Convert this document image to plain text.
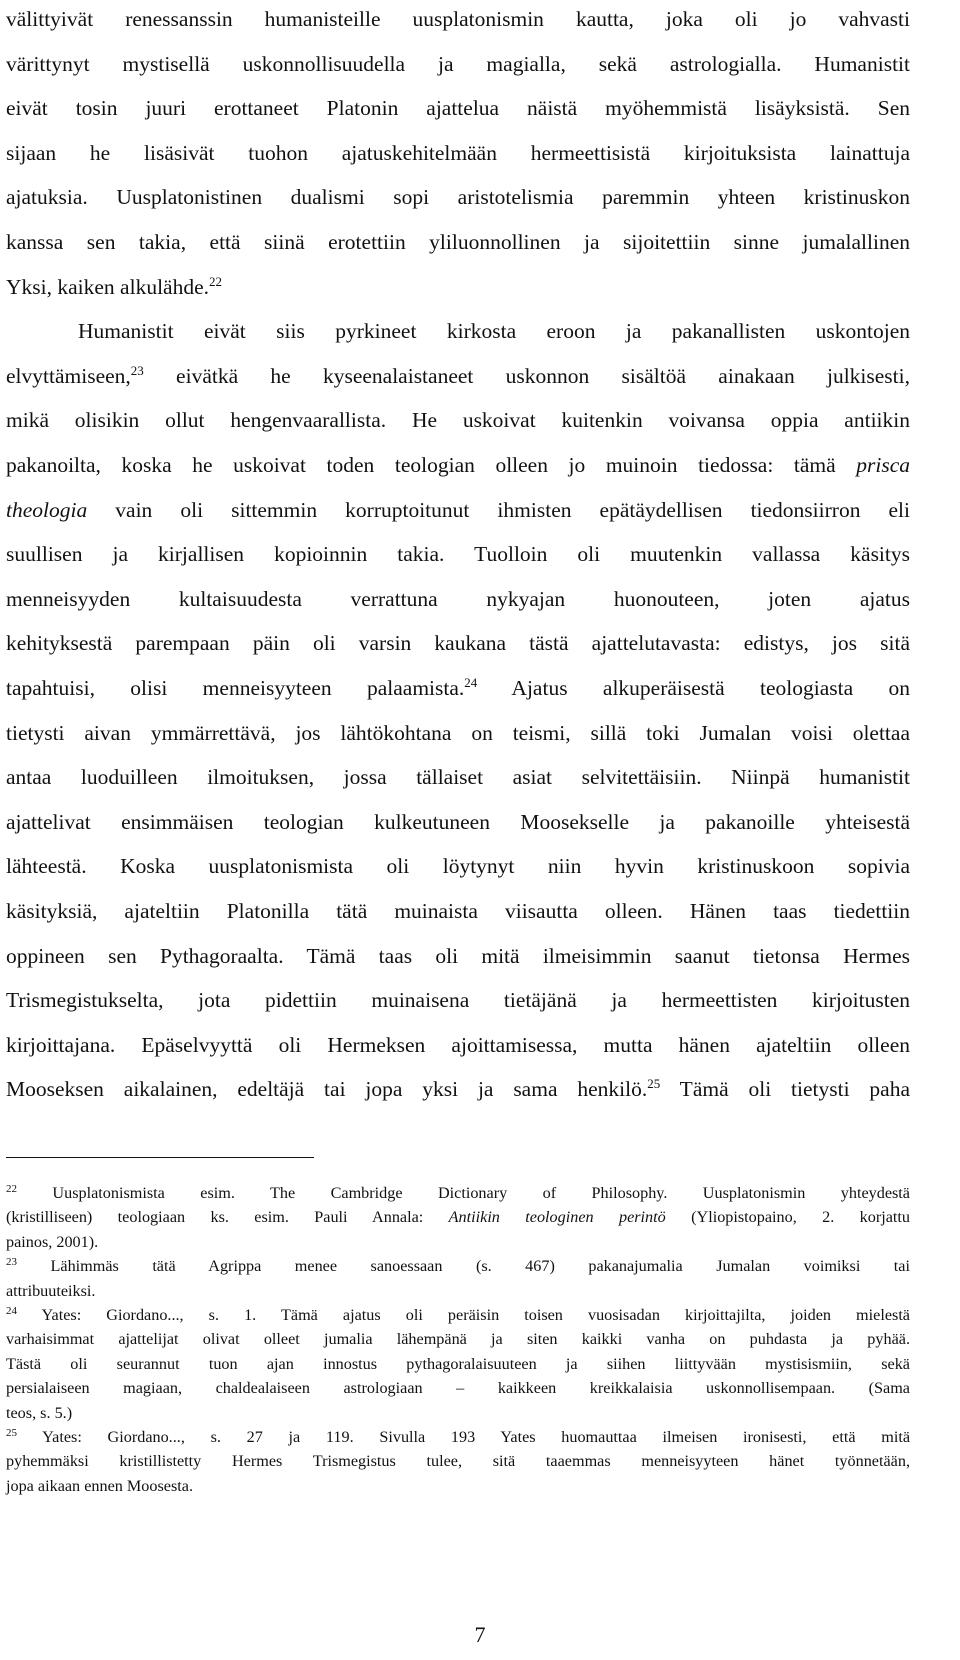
välittyivät renessanssin humanisteille uusplatonismin kautta, joka oli jo vahvasti

värittynyt mystisellä uskonnollisuudella ja magialla, sekä astrologialla. Humanistit

eivät tosin juuri erottaneet Platonin ajattelua näistä myöhemmistä lisäyksistä. Sen

sijaan he lisäsivät tuohon ajatuskehitelmään hermeettisistä kirjoituksista lainattuja

ajatuksia. Uusplatonistinen dualismi sopi aristotelismia paremmin yhteen kristinuskon

kanssa sen takia, että siinä erotettiin yliluonnollinen ja sijoitettiin sinne jumalallinen

Yksi, kaiken alkulähde.$^{22}$

Humanistit eivät siis pyrkineet kirkosta eroon ja pakanallisten uskontojen

elvyttämiseen,$^{23}$ eivätkä he kyseenalaistaneet uskonnon sisältöä ainakaan julkisesti,

mikä olisikin ollut hengenvaarallista. He uskoivat kuitenkin voivansa oppia antiikin

pakanoilta, koska he uskoivat toden teologian olleen jo muinoin tiedossa: tämä prisca

theologia vain oli sittemmin korruptoitunut ihmisten epätäydellisen tiedonsiirron eli

suullisen ja kirjallisen kopioinnin takia. Tuolloin oli muutenkin vallassa käsitys

menneisyyden kultaisuudesta verrattuna nykyajan huonouteen, joten ajatus

kehityksestä parempaan päin oli varsin kaukana tästä ajattelutavasta: edistys, jos sitä

tapahtuisi, olisi menneisyyteen palaamista.$^{24}$ Ajatus alkuperäisestä teologiasta on

tietysti aivan ymmärrettävä, jos lähtökohtana on teismi, sillä toki Jumalan voisi olettaa

antaa luoduilleen ilmoituksen, jossa tällaiset asiat selvitettäisiin. Niinpä humanistit

ajattelivat ensimmäisen teologian kulkeutuneen Moosekselle ja pakanoille yhteisestä

lähteestä. Koska uusplatonismista oli löytynyt niin hyvin kristinuskoon sopivia

käsityksiä, ajateltiin Platonilla tätä muinaista viisautta olleen. Hänen taas tiedettiin

oppineen sen Pythagoraalta. Tämä taas oli mitä ilmeisimmin saanut tietonsa Hermes

Trismegistukselta, jota pidettiin muinaisena tietäjänä ja hermeettisten kirjoitusten

kirjoittajana. Epäselvyyttä oli Hermeksen ajoittamisessa, mutta hänen ajateltiin olleen

Mooseksen aikalainen, edeltäjä tai jopa yksi ja sama henkilö.$^{25}$ Tämä oli tietysti paha

$^{22}$ Uusplatonismista esim. The Cambridge Dictionary of Philosophy. Uusplatonismin yhteydestä

(kristilliseen) teologiaan ks. esim. Pauli Annala: Antiikin teologinen perintö (Yliopistopaino, 2. korjattu

painos, 2001).

$^{23}$ Lähimmäs tätä Agrippa menee sanoessaan (s. 467) pakanajumalia Jumalan voimiksi tai

attribuuteiksi.

$^{24}$ Yates: Giordano..., s. 1. Tämä ajatus oli peräisin toisen vuosisadan kirjoittajilta, joiden mielestä

varhaisimmat ajattelijat olivat olleet jumalia lähempänä ja siten kaikki vanha on puhdasta ja pyhää.

Tästä oli seurannut tuon ajan innostus pythagoralaisuuteen ja siihen liittyvään mystisismiin, sekä

persialaiseen magiaan, chaldealaiseen astrologiaan – kaikkeen kreikkalaisia uskonnollisempaan. (Sama

teos, s. 5.)

$^{25}$ Yates: Giordano..., s. 27 ja 119. Sivulla 193 Yates huomauttaa ilmeisen ironisesti, että mitä

pyhemmäksi kristillistetty Hermes Trismegistus tulee, sitä taaemmas menneisyyteen hänet työnnetään,

jopa aikaan ennen Moosesta.

7
